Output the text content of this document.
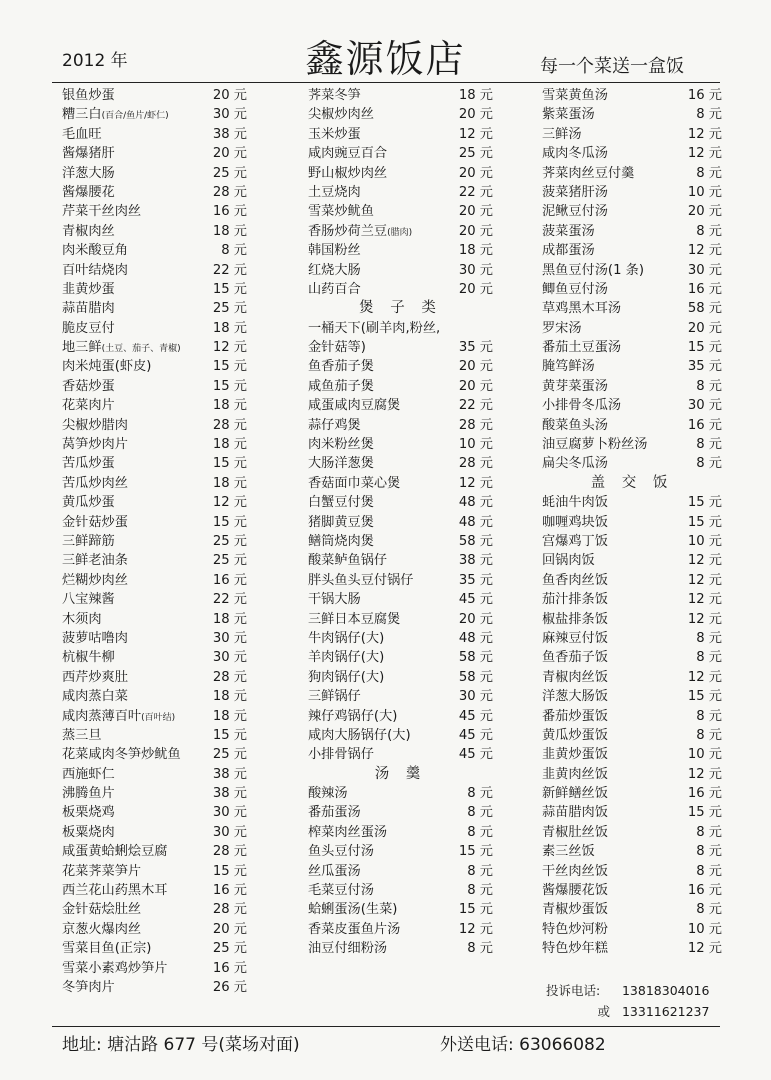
2012 年	鑫源饭店	每一个菜送一盒饭
银鱼炒蛋	20 元
糟三白(百合/鱼片/虾仁)	30 元
毛血旺	38 元
酱爆猪肝	20 元
洋葱大肠	25 元
酱爆腰花	28 元
芹菜干丝肉丝	16 元
青椒肉丝	18 元
肉米酸豆角	8 元
百叶结烧肉	22 元
韭黄炒蛋	15 元
蒜苗腊肉	25 元
脆皮豆付	18 元
地三鲜(土豆、茄子、青椒) 12 元
肉米炖蛋(虾皮)	15 元
香菇炒蛋	15 元
花菜肉片	18 元
尖椒炒腊肉	28 元
莴笋炒肉片	18 元
苦瓜炒蛋	15 元
苦瓜炒肉丝	18 元
黄瓜炒蛋	12 元
金针菇炒蛋	15 元
三鲜蹄筋	25 元
三鲜老油条	25 元
烂糊炒肉丝	16 元
八宝辣酱	22 元
木须肉	18 元
菠萝咕噜肉	30 元
杭椒牛柳	30 元
西芹炒爽肚	28 元
咸肉蒸白菜	18 元
咸肉蒸薄百叶(百叶结)	18 元
蒸三旦	15 元
花菜咸肉冬笋炒鱿鱼 25 元
西施虾仁	38 元
沸腾鱼片	38 元
板栗烧鸡	30 元
板粟烧肉	30 元
咸蛋黄蛤蜊烩豆腐	28 元
花菜荠菜笋片	15 元
西兰花山药黑木耳	16 元
金针菇烩肚丝	28 元
京葱火爆肉丝	20 元
雪菜目鱼(正宗)	25 元
雪菜小素鸡炒笋片	16 元
冬笋肉片	26 元
荠菜冬笋	18 元
尖椒炒肉丝	20 元
玉米炒蛋	12 元
咸肉豌豆百合	25 元
野山椒炒肉丝	20 元
土豆烧肉	22 元
雪菜炒鱿鱼	20 元
香肠炒荷兰豆(腊肉)	20 元
韩国粉丝	18 元
红烧大肠	30 元
山药百合	20 元
煲 子 类
一桶天下(刷羊肉,粉丝,
金针菇等)	35 元
鱼香茄子煲	20 元
咸鱼茄子煲	20 元
咸蛋咸肉豆腐煲	22 元
蒜仔鸡煲	28 元
肉米粉丝煲	10 元
大肠洋葱煲	28 元
香菇面巾菜心煲	12 元
白蟹豆付煲	48 元
猪脚黄豆煲	48 元
鳝筒烧肉煲	58 元
酸菜鲈鱼锅仔	38 元
胖头鱼头豆付锅仔	35 元
干锅大肠	45 元
三鲜日本豆腐煲	20 元
牛肉锅仔(大)	48 元
羊肉锅仔(大)	58 元
狗肉锅仔(大)	58 元
三鲜锅仔	30 元
辣仔鸡锅仔(大)	45 元
咸肉大肠锅仔(大)	45 元
小排骨锅仔	45 元
汤 羹
酸辣汤	8 元
番茄蛋汤	8 元
榨菜肉丝蛋汤	8 元
鱼头豆付汤	15 元
丝瓜蛋汤	8 元
毛菜豆付汤	8 元
蛤蜊蛋汤(生菜)	15 元
香菜皮蛋鱼片汤	12 元
油豆付细粉汤	8 元
雪菜黄鱼汤	16 元
紫菜蛋汤	8 元
三鲜汤	12 元
咸肉冬瓜汤	12 元
荠菜肉丝豆付羹	8 元
菠菜猪肝汤	10 元
泥鳅豆付汤	20 元
菠菜蛋汤	8 元
成都蛋汤	12 元
黑鱼豆付汤(1 条)	30 元
鲫鱼豆付汤	16 元
草鸡黑木耳汤	58 元
罗宋汤	20 元
番茄土豆蛋汤	15 元
腌笃鲜汤	35 元
黄芽菜蛋汤	8 元
小排骨冬瓜汤	30 元
酸菜鱼头汤	16 元
油豆腐萝卜粉丝汤	8 元
扁尖冬瓜汤	8 元
盖 交 饭
蚝油牛肉饭	15 元
咖喱鸡块饭	15 元
宫爆鸡丁饭	10 元
回锅肉饭	12 元
鱼香肉丝饭	12 元
茄汁排条饭	12 元
椒盐排条饭	12 元
麻辣豆付饭	8 元
鱼香茄子饭	8 元
青椒肉丝饭	12 元
洋葱大肠饭	15 元
番茄炒蛋饭	8 元
黄瓜炒蛋饭	8 元
韭黄炒蛋饭	10 元
韭黄肉丝饭	12 元
新鲜鳝丝饭	16 元
蒜苗腊肉饭	15 元
青椒肚丝饭	8 元
素三丝饭	8 元
干丝肉丝饭	8 元
酱爆腰花饭	16 元
青椒炒蛋饭	8 元
特色炒河粉	10 元
特色炒年糕	12 元
投诉电话: 13818304016
或 13311621237
地址: 塘沽路 677 号(菜场对面)	外送电话: 63066082
